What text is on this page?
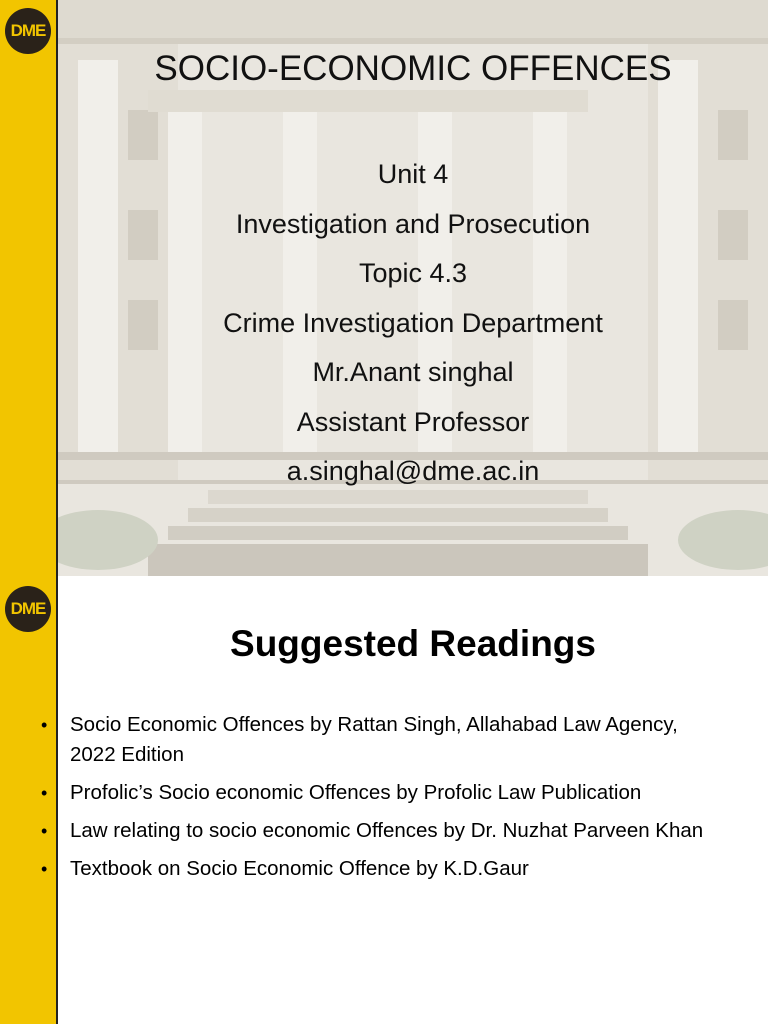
DME
SOCIO-ECONOMIC OFFENCES
Unit 4
Investigation and Prosecution
Topic 4.3
Crime Investigation Department
Mr.Anant singhal
Assistant Professor
a.singhal@dme.ac.in
DME
Suggested Readings
• Socio Economic Offences by Rattan Singh, Allahabad Law Agency, 2022 Edition
• Profolic’s Socio economic Offences by Profolic Law Publication
• Law relating to socio economic Offences by Dr. Nuzhat Parveen Khan
• Textbook on Socio Economic Offence by K.D.Gaur
